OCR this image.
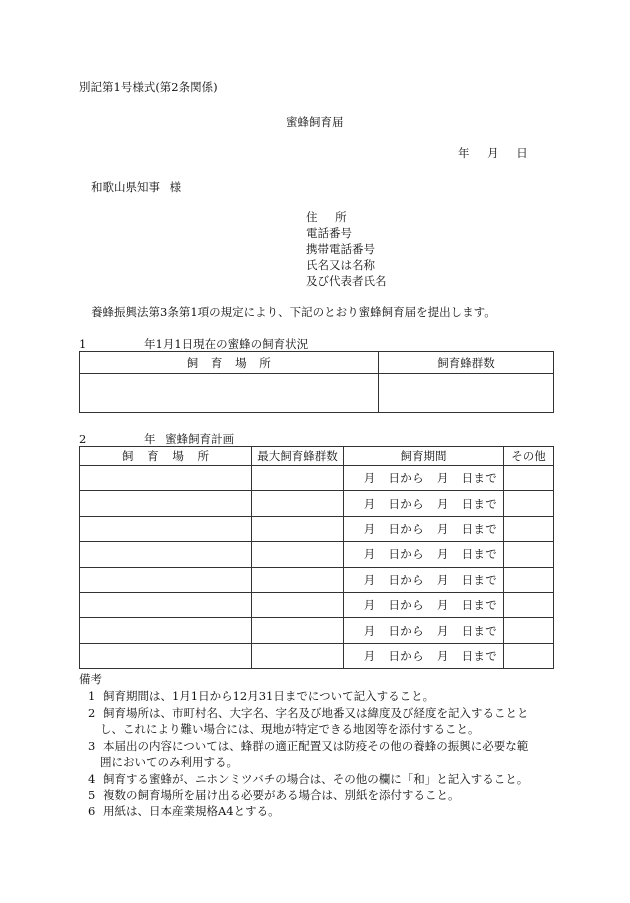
別記第1号様式(第2条関係)
蜜蜂飼育届
年 月 日
和歌山県知事 様
住 所
電話番号
携帯電話番号
氏名又は名称
及び代表者氏名
養蜂振興法第3条第1項の規定により、下記のとおり蜜蜂飼育届を提出します。
1	年1月1日現在の蜜蜂の飼育状況
飼 育 場 所	飼育蜂群数

2	年 蜜蜂飼育計画
飼 育 場 所	最大飼育蜂群数	飼育期間	その他
		月 日から 月 日まで	
		月 日から 月 日まで	
		月 日から 月 日まで	
		月 日から 月 日まで	
		月 日から 月 日まで	
		月 日から 月 日まで	
		月 日から 月 日まで	
		月 日から 月 日まで	
備考
1 飼育期間は、1月1日から12月31日までについて記入すること。
2 飼育場所は、市町村名、大字名、字名及び地番又は緯度及び経度を記入することと
し、これにより難い場合には、現地が特定できる地図等を添付すること。
3 本届出の内容については、蜂群の適正配置又は防疫その他の養蜂の振興に必要な範
囲においてのみ利用する。
4 飼育する蜜蜂が、ニホンミツバチの場合は、その他の欄に「和」と記入すること。
5 複数の飼育場所を届け出る必要がある場合は、別紙を添付すること。
6 用紙は、日本産業規格A4とする。
